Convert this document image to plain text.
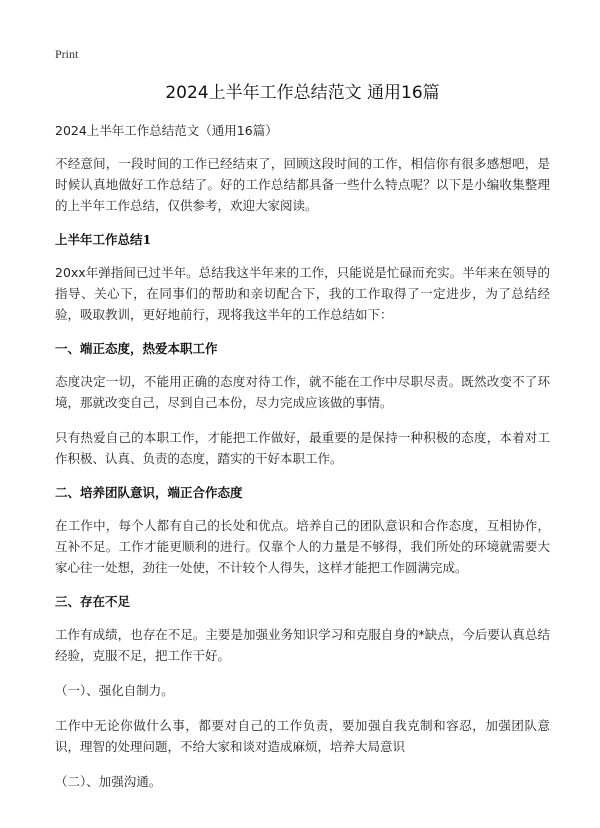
Print
2024上半年工作总结范文 通用16篇
2024上半年工作总结范文（通用16篇）

不经意间，一段时间的工作已经结束了，回顾这段时间的工作，相信你有很多感想吧，是时候认真地做好工作总结了。好的工作总结都具备一些什么特点呢？以下是小编收集整理的上半年工作总结，仅供参考，欢迎大家阅读。

上半年工作总结1

20xx年弹指间已过半年。总结我这半年来的工作，只能说是忙碌而充实。半年来在领导的指导、关心下，在同事们的帮助和亲切配合下，我的工作取得了一定进步，为了总结经验，吸取教训，更好地前行，现将我这半年的工作总结如下：

一、端正态度，热爱本职工作

态度决定一切，不能用正确的态度对待工作，就不能在工作中尽职尽责。既然改变不了环境，那就改变自己，尽到自己本份，尽力完成应该做的事情。

只有热爱自己的本职工作，才能把工作做好，最重要的是保持一种积极的态度，本着对工作积极、认真、负责的态度，踏实的干好本职工作。

二、培养团队意识，端正合作态度

在工作中，每个人都有自己的长处和优点。培养自己的团队意识和合作态度，互相协作，互补不足。工作才能更顺利的进行。仅靠个人的力量是不够得，我们所处的环境就需要大家心往一处想，劲往一处使，不计较个人得失，这样才能把工作圆满完成。

三、存在不足

工作有成绩，也存在不足。主要是加强业务知识学习和克服自身的*缺点，今后要认真总结经验，克服不足，把工作干好。

（一）、强化自制力。

工作中无论你做什么事，都要对自己的工作负责，要加强自我克制和容忍，加强团队意识，理智的处理问题，不给大家和谈对造成麻烦，培养大局意识

（二）、加强沟通。
